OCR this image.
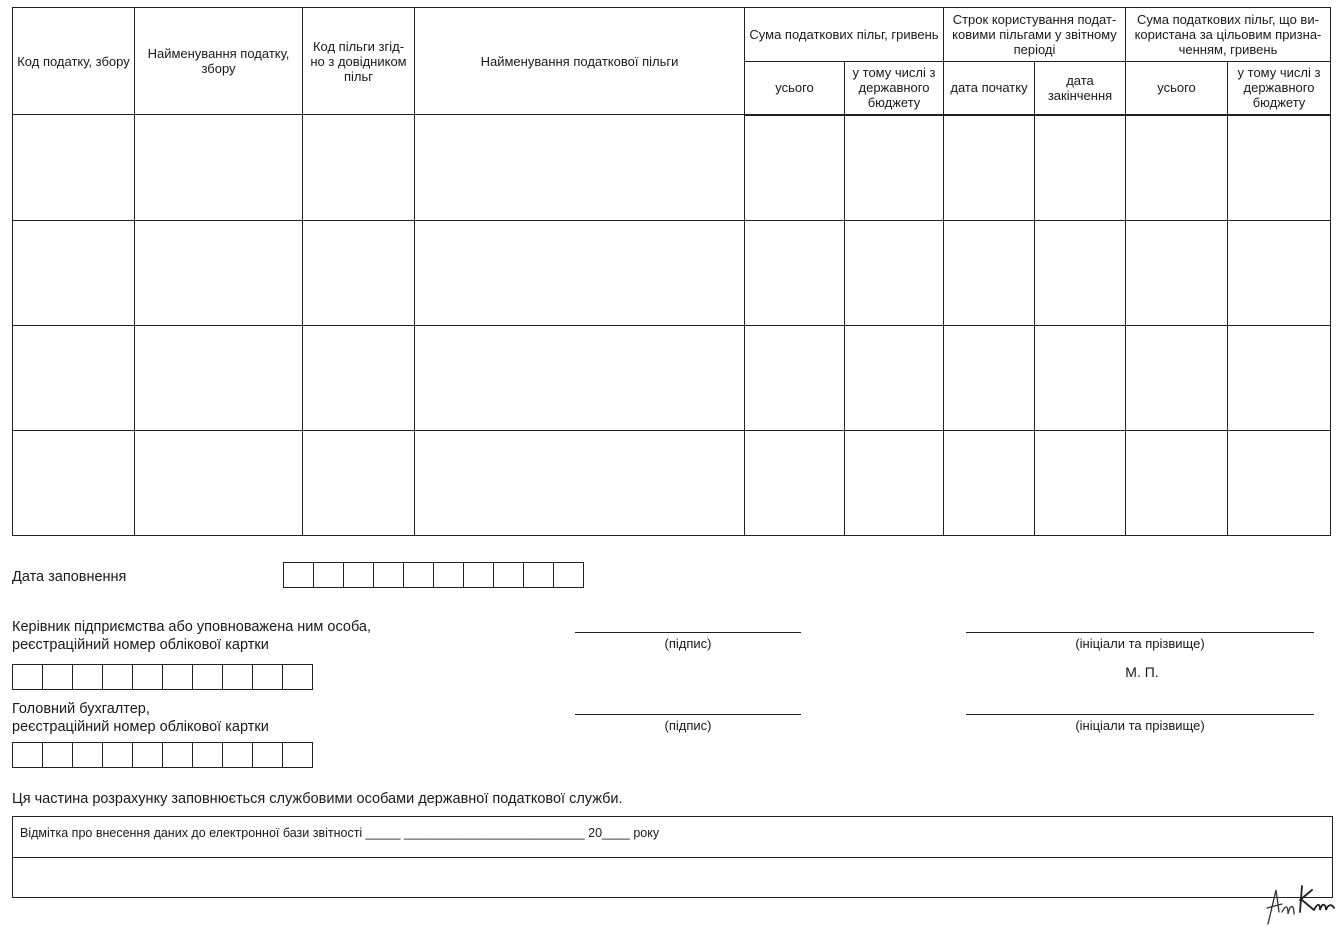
Код податку, збору	Найменування податку, збору	Код пільги згід-но з довідником пільг	Найменування податкової пільги	Сума податкових пільг, гривень		Строк користування подат-ковими пільгами у звітному періоді		Сума податкових пільг, що ви-користана за цільовим призна-ченням, гривень	
				усього	у тому числі з державного бюджету	дата початку	дата закінчення	усього	у тому числі з державного бюджету

Дата заповнення
Керівник підприємства або уповноважена ним особа,
реєстраційний номер облікової картки	(підпис)	(ініціали та прізвище)
М. П.
Головний бухгалтер,
реєстраційний номер облікової картки	(підпис)	(ініціали та прізвище)
Ця частина розрахунку заповнюється службовими особами державної податкової служби.
Відмітка про внесення даних до електронної бази звітності _____ __________________________ 20____ року
